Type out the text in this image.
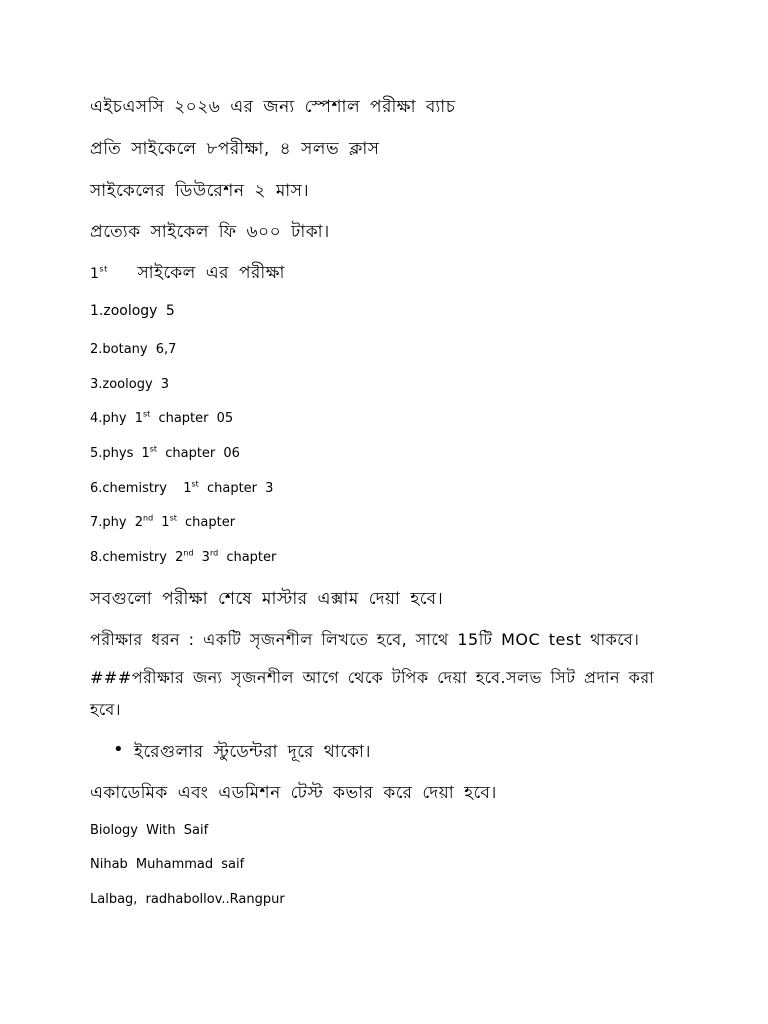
এইচএসসি ২০২৬ এর জন্য স্পেশাল পরীক্ষা ব্যাচ
প্রতি সাইকেলে ৮পরীক্ষা, ৪ সলভ ক্লাস
সাইকেলের ডিউরেশন ২ মাস।
প্রত্যেক সাইকেল ফি ৬০০ টাকা।
1st সাইকেল এর পরীক্ষা
1.zoology 5
2.botany 6,7
3.zoology 3
4.phy 1st chapter 05
5.phys 1st chapter 06
6.chemistry  1st chapter 3
7.phy 2nd 1st chapter
8.chemistry 2nd 3rd chapter
সবগুলো পরীক্ষা শেষে মাস্টার এক্সাম দেয়া হবে।
পরীক্ষার ধরন : একটি সৃজনশীল লিখতে হবে, সাথে 15টি MOC test থাকবে।
###পরীক্ষার জন্য সৃজনশীল আগে থেকে টপিক দেয়া হবে.সলভ সিট প্রদান করা হবে।
• ইরেগুলার স্টুডেন্টরা দূরে থাকো।
একাডেমিক এবং এডমিশন টেস্ট কভার করে দেয়া হবে।
Biology With Saif
Nihab Muhammad saif
Lalbag, radhabollov..Rangpur
